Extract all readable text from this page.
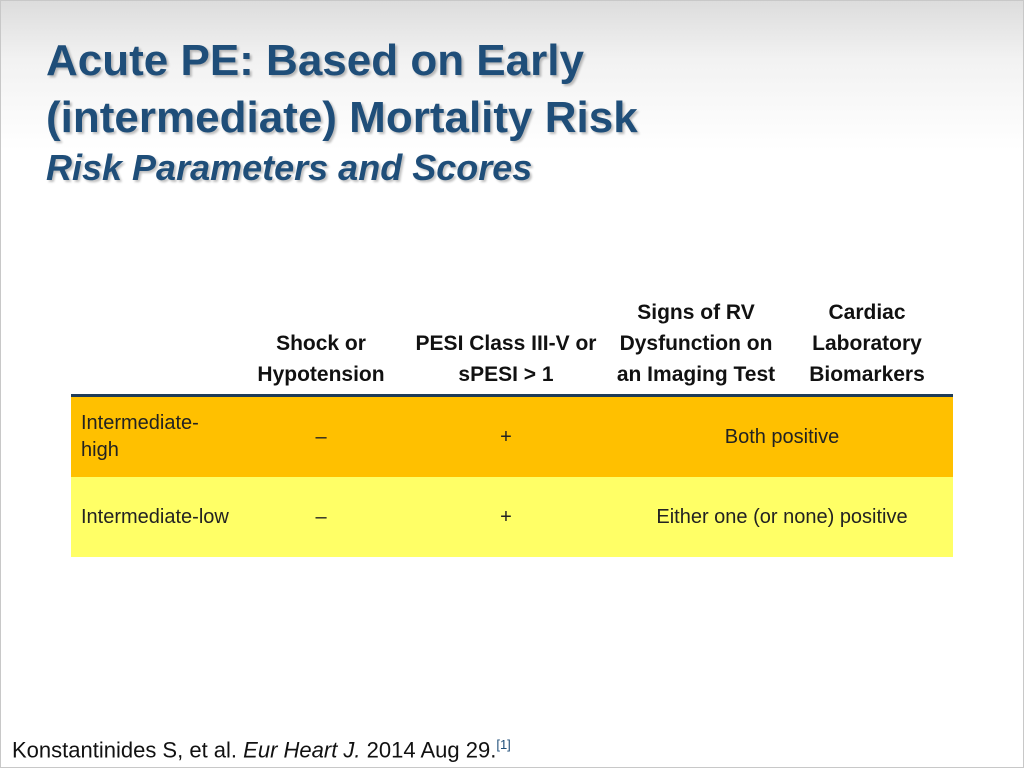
Acute PE: Based on Early

(intermediate) Mortality Risk

Risk Parameters and Scores

	Shock or Hypotension	PESI Class III-V or sPESI > 1	Signs of RV Dysfunction on an Imaging Test	Cardiac Laboratory Biomarkers
Intermediate-high	–	+	Both positive	
Intermediate-low	–	+	Either one (or none) positive	
Konstantinides S, et al. Eur Heart J. 2014 Aug 29.[1]
